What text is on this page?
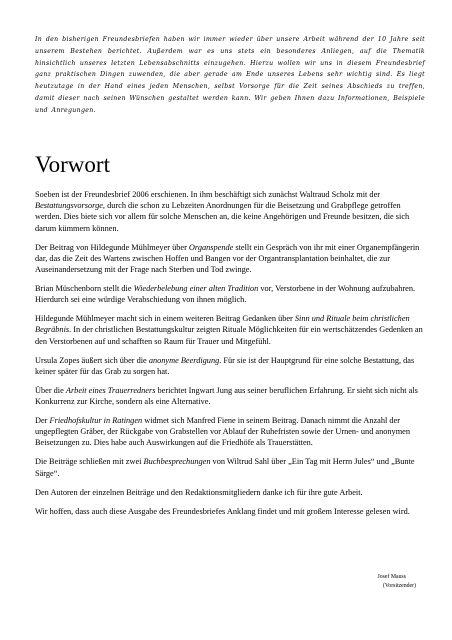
In den bisherigen Freundesbriefen haben wir immer wieder über unsere Arbeit während der 10 Jahre seit unserem Bestehen berichtet. Außerdem war es uns stets ein besonderes Anliegen, auf die Thematik hinsichtlich unseres letzten Lebensabschnitts einzugehen. Hierzu wollen wir uns in diesem Freundesbrief ganz praktischen Dingen zuwenden, die aber gerade am Ende unseres Lebens sehr wichtig sind. Es liegt heutzutage in der Hand eines jeden Menschen, selbst Vorsorge für die Zeit seines Abschieds zu treffen, damit dieser nach seinen Wünschen gestaltet werden kann. Wir geben Ihnen dazu Informationen, Beispiele und Anregungen.
Vorwort

Soeben ist der Freundesbrief 2006 erschienen. In ihm beschäftigt sich zunächst Waltraud Scholz mit der Bestattungsvorsorge, durch die schon zu Lebzeiten Anordnungen für die Beisetzung und Grabpflege getroffen werden. Dies biete sich vor allem für solche Menschen an, die keine Angehörigen und Freunde besitzen, die sich darum kümmern können.

Der Beitrag von Hildegunde Mühlmeyer über Organspende stellt ein Gespräch von ihr mit einer Organempfängerin dar, das die Zeit des Wartens zwischen Hoffen und Bangen vor der Organtransplantation beinhaltet, die zur Auseinandersetzung mit der Frage nach Sterben und Tod zwinge.

Brian Müschenborn stellt die Wiederbelebung einer alten Tradition vor, Verstorbene in der Wohnung aufzubahren. Hierdurch sei eine würdige Verabschiedung von ihnen möglich.

Hildegunde Mühlmeyer macht sich in einem weiteren Beitrag Gedanken über Sinn und Rituale beim christlichen Begräbnis. In der christlichen Bestattungskultur zeigten Rituale Möglichkeiten für ein wertschätzendes Gedenken an den Verstorbenen auf und schafften so Raum für Trauer und Mitgefühl.

Ursula Zopes äußert sich über die anonyme Beerdigung. Für sie ist der Hauptgrund für eine solche Bestattung, das keiner später für das Grab zu sorgen hat.

Über die Arbeit eines Trauerredners berichtet Ingwart Jung aus seiner beruflichen Erfahrung. Er sieht sich nicht als Konkurrenz zur Kirche, sondern als eine Alternative.

Der Friedhofskultur in Ratingen widmet sich Manfred Fiene in seinem Beitrag. Danach nimmt die Anzahl der ungepflegten Gräber, der Rückgabe von Grabstellen vor Ablauf der Ruhefristen sowie der Urnen- und anonymen Beisetzungen zu. Dies habe auch Auswirkungen auf die Friedhöfe als Trauerstätten.

Die Beiträge schließen mit zwei Buchbesprechungen von Wiltrud Sahl über „Ein Tag mit Herrn Jules“ und „Bunte Särge“.

Den Autoren der einzelnen Beiträge und den Redaktionsmitgliedern danke ich für ihre gute Arbeit.

Wir hoffen, dass auch diese Ausgabe des Freundesbriefes Anklang findet und mit großem Interesse gelesen wird.

Josef Mauss
(Vorsitzender)
